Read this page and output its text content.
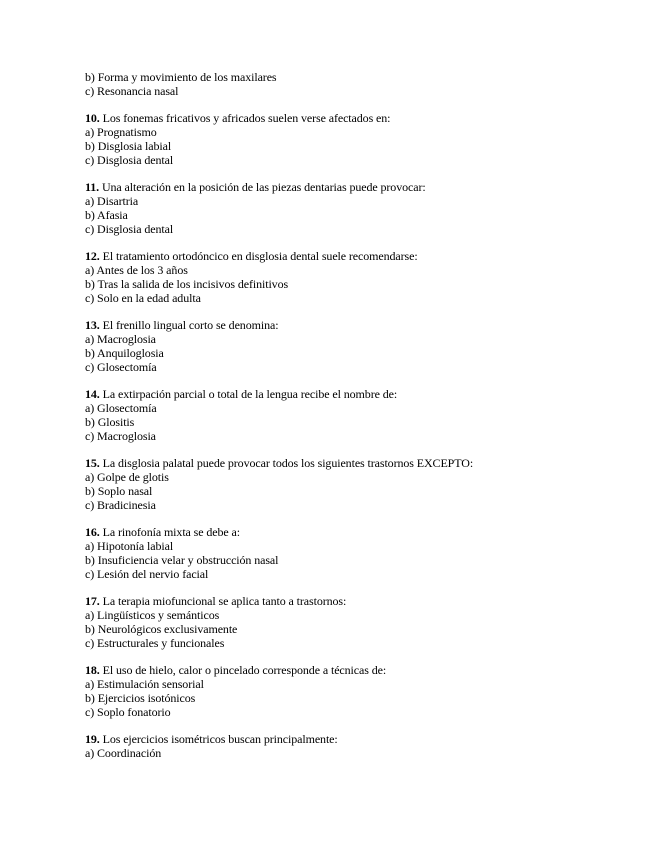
b) Forma y movimiento de los maxilares
c) Resonancia nasal
10. Los fonemas fricativos y africados suelen verse afectados en:
a) Prognatismo
b) Disglosia labial
c) Disglosia dental
11. Una alteración en la posición de las piezas dentarias puede provocar:
a) Disartria
b) Afasia
c) Disglosia dental
12. El tratamiento ortodóncico en disglosia dental suele recomendarse:
a) Antes de los 3 años
b) Tras la salida de los incisivos definitivos
c) Solo en la edad adulta
13. El frenillo lingual corto se denomina:
a) Macroglosia
b) Anquiloglosia
c) Glosectomía
14. La extirpación parcial o total de la lengua recibe el nombre de:
a) Glosectomía
b) Glositis
c) Macroglosia
15. La disglosia palatal puede provocar todos los siguientes trastornos EXCEPTO:
a) Golpe de glotis
b) Soplo nasal
c) Bradicinesia
16. La rinofonía mixta se debe a:
a) Hipotonía labial
b) Insuficiencia velar y obstrucción nasal
c) Lesión del nervio facial
17. La terapia miofuncional se aplica tanto a trastornos:
a) Lingüísticos y semánticos
b) Neurológicos exclusivamente
c) Estructurales y funcionales
18. El uso de hielo, calor o pincelado corresponde a técnicas de:
a) Estimulación sensorial
b) Ejercicios isotónicos
c) Soplo fonatorio
19. Los ejercicios isométricos buscan principalmente:
a) Coordinación
